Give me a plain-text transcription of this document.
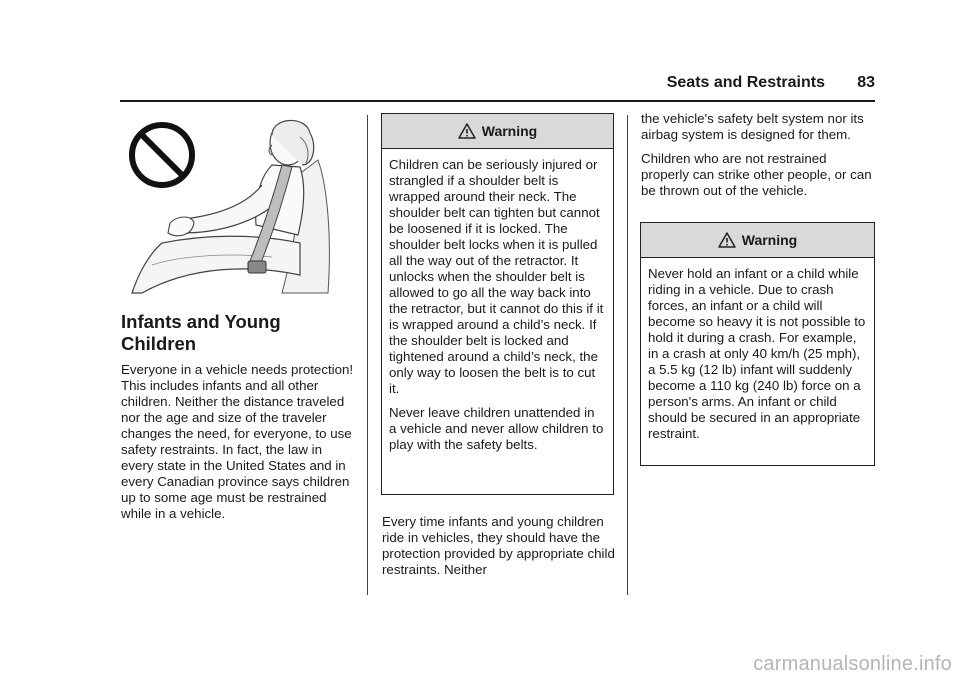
Seats and Restraints 83
Infants and Young Children

Everyone in a vehicle needs protection! This includes infants and all other children. Neither the distance traveled nor the age and size of the traveler changes the need, for everyone, to use safety restraints. In fact, the law in every state in the United States and in every Canadian province says children up to some age must be restrained while in a vehicle.

Warning

Children can be seriously injured or strangled if a shoulder belt is wrapped around their neck. The shoulder belt can tighten but cannot be loosened if it is locked. The shoulder belt locks when it is pulled all the way out of the retractor. It unlocks when the shoulder belt is allowed to go all the way back into the retractor, but it cannot do this if it is wrapped around a child’s neck. If the shoulder belt is locked and tightened around a child’s neck, the only way to loosen the belt is to cut it.

Never leave children unattended in a vehicle and never allow children to play with the safety belts.

Every time infants and young children ride in vehicles, they should have the protection provided by appropriate child restraints. Neither

the vehicle's safety belt system nor its airbag system is designed for them.

Children who are not restrained properly can strike other people, or can be thrown out of the vehicle.

Warning

Never hold an infant or a child while riding in a vehicle. Due to crash forces, an infant or a child will become so heavy it is not possible to hold it during a crash. For example, in a crash at only 40 km/h (25 mph), a 5.5 kg (12 lb) infant will suddenly become a 110 kg (240 lb) force on a person's arms. An infant or child should be secured in an appropriate restraint.

carmanualsonline.info
